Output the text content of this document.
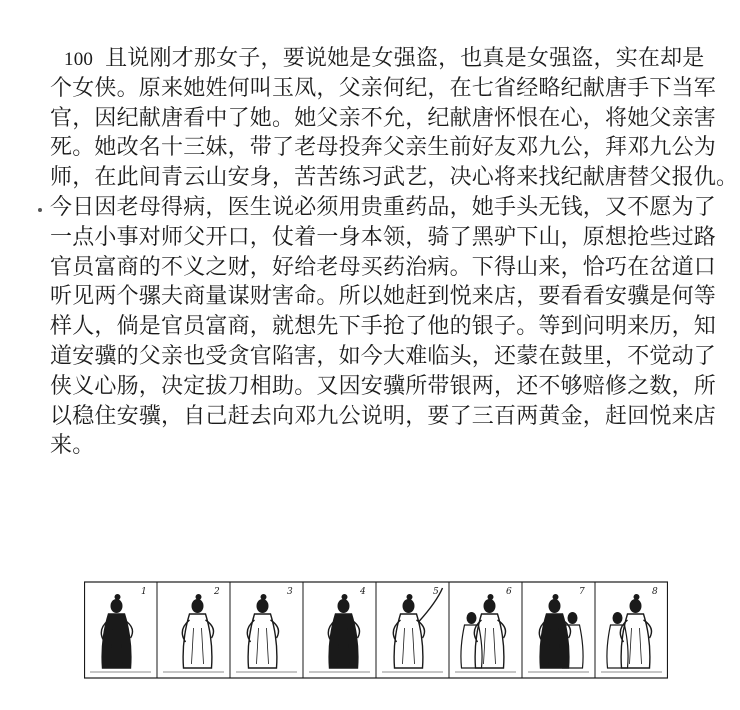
100 且说刚才那女子，要说她是女强盗，也真是女强盗，实在却是
个女侠。原来她姓何叫玉凤，父亲何纪，在七省经略纪献唐手下当军
官，因纪献唐看中了她。她父亲不允，纪献唐怀恨在心，将她父亲害
死。她改名十三妹，带了老母投奔父亲生前好友邓九公，拜邓九公为
师，在此间青云山安身，苦苦练习武艺，决心将来找纪献唐替父报仇。
今日因老母得病，医生说必须用贵重药品，她手头无钱，又不愿为了
一点小事对师父开口，仗着一身本领，骑了黑驴下山，原想抢些过路
官员富商的不义之财，好给老母买药治病。下得山来，恰巧在岔道口
听见两个骡夫商量谋财害命。所以她赶到悦来店，要看看安骥是何等
样人，倘是官员富商，就想先下手抢了他的银子。等到问明来历，知
道安骥的父亲也受贪官陷害，如今大难临头，还蒙在鼓里，不觉动了
侠义心肠，决定拔刀相助。又因安骥所带银两，还不够赔修之数，所
以稳住安骥，自己赶去向邓九公说明，要了三百两黄金，赶回悦来店
来。
1	2	3	4	5	6	7	8
